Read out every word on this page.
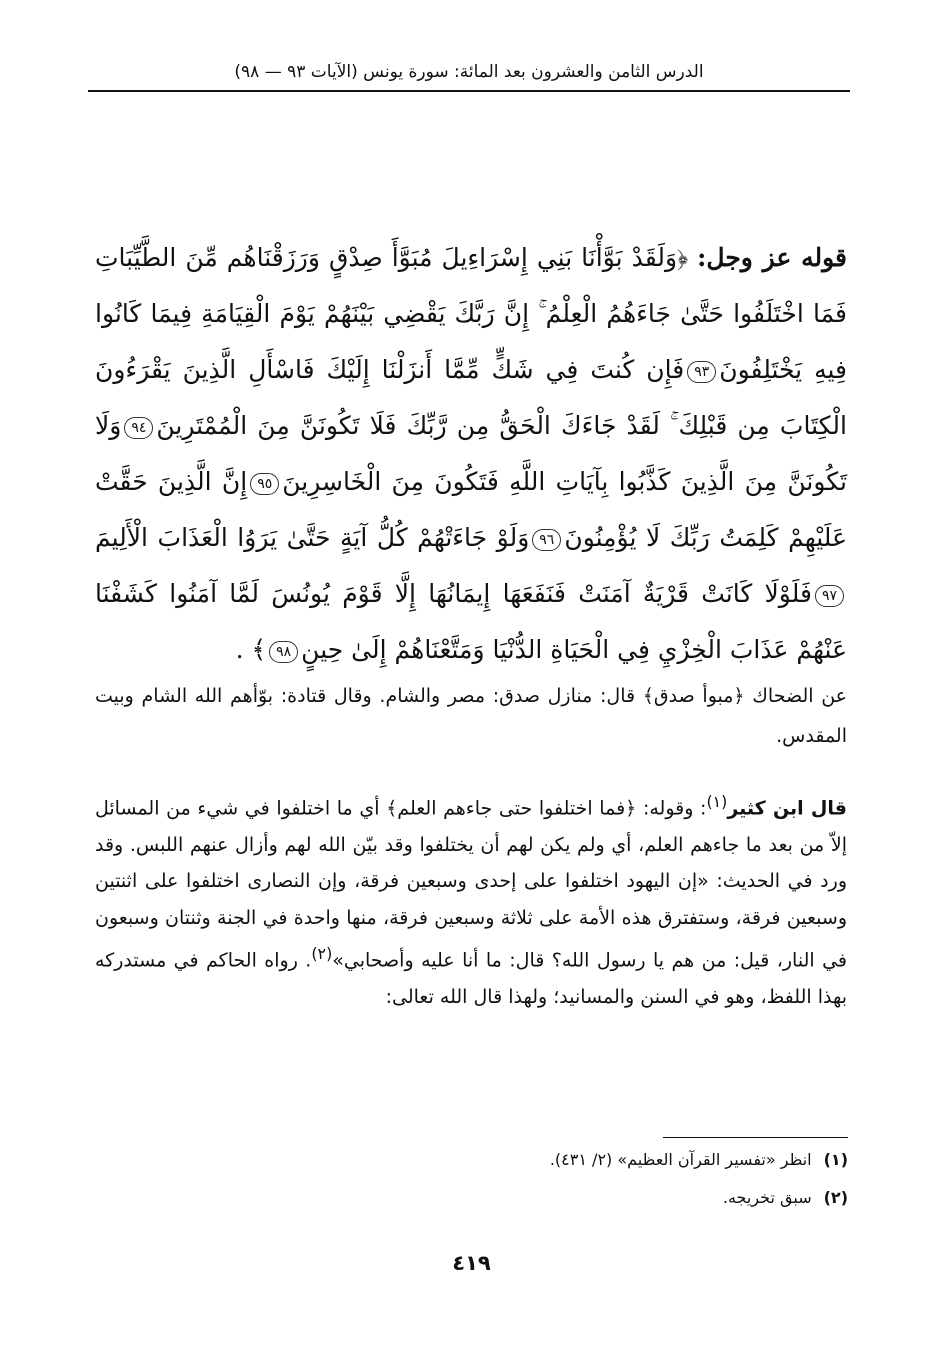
الدرس الثامن والعشرون بعد المائة: سورة يونس (الآيات ٩٣ — ٩٨)

قوله عز وجل: ﴿وَلَقَدْ بَوَّأْنَا بَنِي إِسْرَاءِيلَ مُبَوَّأَ صِدْقٍ وَرَزَقْنَاهُم مِّنَ الطَّيِّبَاتِ فَمَا اخْتَلَفُوا حَتَّىٰ جَاءَهُمُ الْعِلْمُ ۚ إِنَّ رَبَّكَ يَقْضِي بَيْنَهُمْ يَوْمَ الْقِيَامَةِ فِيمَا كَانُوا فِيهِ يَخْتَلِفُونَ٩٣فَإِن كُنتَ فِي شَكٍّ مِّمَّا أَنزَلْنَا إِلَيْكَ فَاسْأَلِ الَّذِينَ يَقْرَءُونَ الْكِتَابَ مِن قَبْلِكَ ۚ لَقَدْ جَاءَكَ الْحَقُّ مِن رَّبِّكَ فَلَا تَكُونَنَّ مِنَ الْمُمْتَرِينَ٩٤وَلَا تَكُونَنَّ مِنَ الَّذِينَ كَذَّبُوا بِآيَاتِ اللَّهِ فَتَكُونَ مِنَ الْخَاسِرِينَ٩٥إِنَّ الَّذِينَ حَقَّتْ عَلَيْهِمْ كَلِمَتُ رَبِّكَ لَا يُؤْمِنُونَ٩٦وَلَوْ جَاءَتْهُمْ كُلُّ آيَةٍ حَتَّىٰ يَرَوُا الْعَذَابَ الْأَلِيمَ٩٧فَلَوْلَا كَانَتْ قَرْيَةٌ آمَنَتْ فَنَفَعَهَا إِيمَانُهَا إِلَّا قَوْمَ يُونُسَ لَمَّا آمَنُوا كَشَفْنَا عَنْهُمْ عَذَابَ الْخِزْيِ فِي الْحَيَاةِ الدُّنْيَا وَمَتَّعْنَاهُمْ إِلَىٰ حِينٍ٩٨﴾ .

عن الضحاك ﴿مبوأ صدق﴾ قال: منازل صدق: مصر والشام. وقال قتادة: بوّأهم الله الشام وبيت المقدس.

قال ابن كثير$^{(١)}$: وقوله: ﴿فما اختلفوا حتى جاءهم العلم﴾ أي ما اختلفوا في شيء من المسائل إلاّ من بعد ما جاءهم العلم، أي ولم يكن لهم أن يختلفوا وقد بيّن الله لهم وأزال عنهم اللبس. وقد ورد في الحديث: «إن اليهود اختلفوا على إحدى وسبعين فرقة، وإن النصارى اختلفوا على اثنتين وسبعين فرقة، وستفترق هذه الأمة على ثلاثة وسبعين فرقة، منها واحدة في الجنة وثنتان وسبعون في النار، قيل: من هم يا رسول الله؟ قال: ما أنا عليه وأصحابي»$^{(٢)}$. رواه الحاكم في مستدركه بهذا اللفظ، وهو في السنن والمسانيد؛ ولهذا قال الله تعالى:

(١)انظر «تفسير القرآن العظيم» (٢/ ٤٣١).
(٢)سبق تخريجه.
٤١٩
